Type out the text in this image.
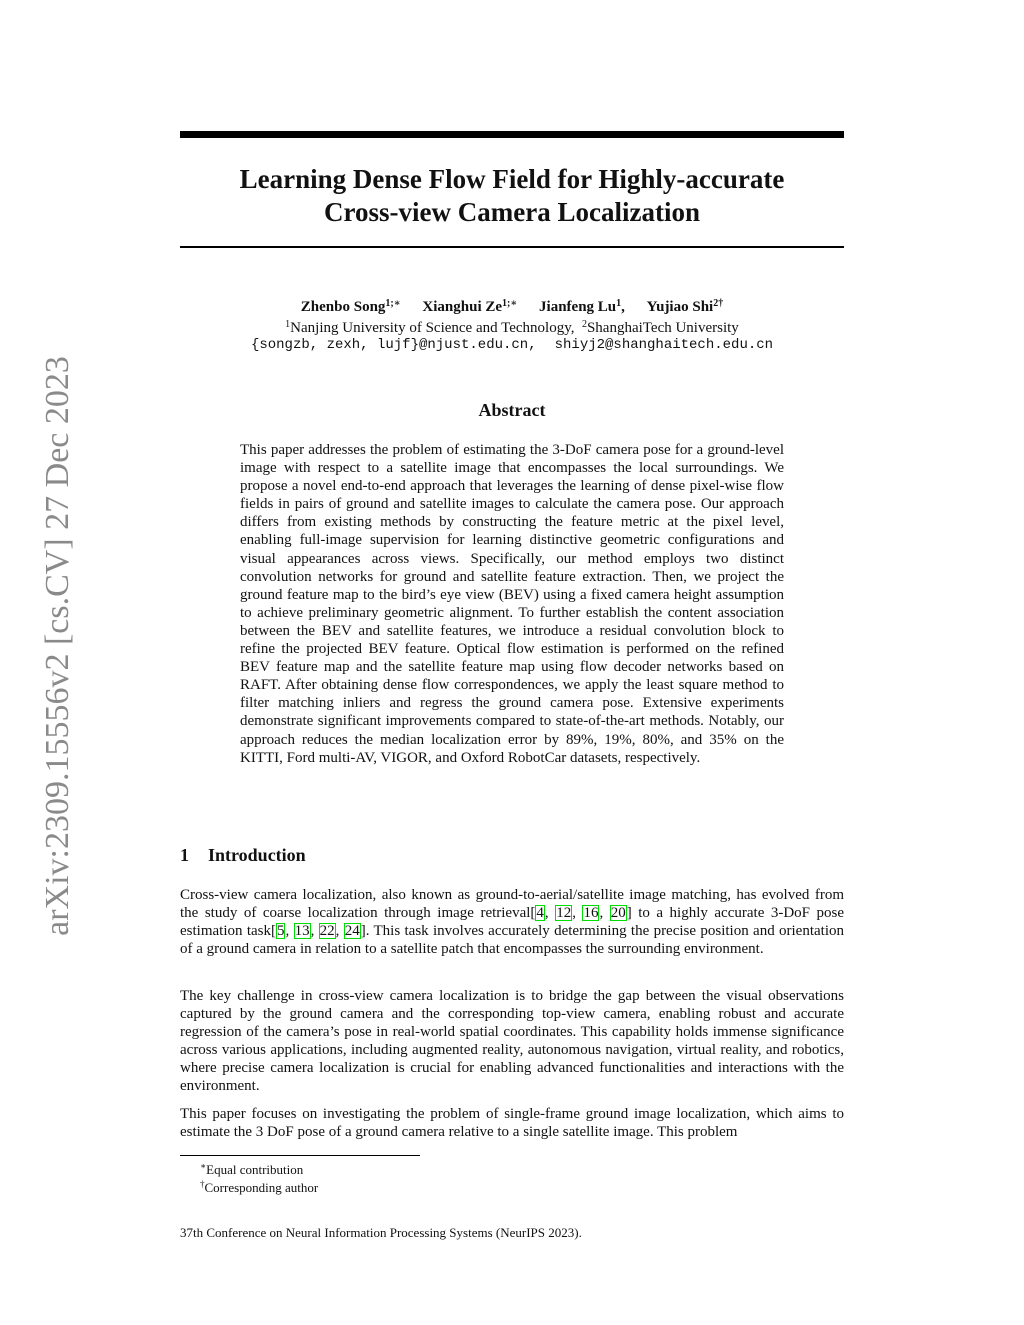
arXiv:2309.15556v2 [cs.CV] 27 Dec 2023
Learning Dense Flow Field for Highly-accurate
Cross-view Camera Localization
Zhenbo Song$^{1;∗}$ Xianghui $Ze^{1;∗}$ Jianfeng Lu$^1$, Yujiao Shi$^{2\dagger}$
$^1$Nanjing University of Science and Technology, $^2$ShanghaiTech University
{songzb, zexh, lujf}@njust.edu.cn, shiyj2@shanghaitech.edu.cn
Abstract

This paper addresses the problem of estimating the 3-DoF camera pose for a ground-level image with respect to a satellite image that encompasses the local surroundings. We propose a novel end-to-end approach that leverages the learning of dense pixel-wise flow fields in pairs of ground and satellite images to calculate the camera pose. Our approach differs from existing methods by constructing the feature metric at the pixel level, enabling full-image supervision for learning distinctive geometric configurations and visual appearances across views. Specifically, our method employs two distinct convolution networks for ground and satellite feature extraction. Then, we project the ground feature map to the bird’s eye view (BEV) using a fixed camera height assumption to achieve preliminary geometric alignment. To further establish the content association between the BEV and satellite features, we introduce a residual convolution block to refine the projected BEV feature. Optical flow estimation is performed on the refined BEV feature map and the satellite feature map using flow decoder networks based on RAFT. After obtaining dense flow correspondences, we apply the least square method to filter matching inliers and regress the ground camera pose. Extensive experiments demonstrate significant improvements compared to state-of-the-art methods. Notably, our approach reduces the median localization error by 89%, 19%, 80%, and 35% on the KITTI, Ford multi-AV, VIGOR, and Oxford RobotCar datasets, respectively.

1 Introduction

Cross-view camera localization, also known as ground-to-aerial/satellite image matching, has evolved from the study of coarse localization through image retrieval[4, 12, 16, 20] to a highly accurate 3-DoF pose estimation task[5, 13, 22, 24]. This task involves accurately determining the precise position and orientation of a ground camera in relation to a satellite patch that encompasses the surrounding environment.

The key challenge in cross-view camera localization is to bridge the gap between the visual observations captured by the ground camera and the corresponding top-view camera, enabling robust and accurate regression of the camera’s pose in real-world spatial coordinates. This capability holds immense significance across various applications, including augmented reality, autonomous navigation, virtual reality, and robotics, where precise camera localization is crucial for enabling advanced functionalities and interactions with the environment.

This paper focuses on investigating the problem of single-frame ground image localization, which aims to estimate the 3 DoF pose of a ground camera relative to a single satellite image. This problem

∗Equal contribution

†Corresponding author

37th Conference on Neural Information Processing Systems (NeurIPS 2023).
